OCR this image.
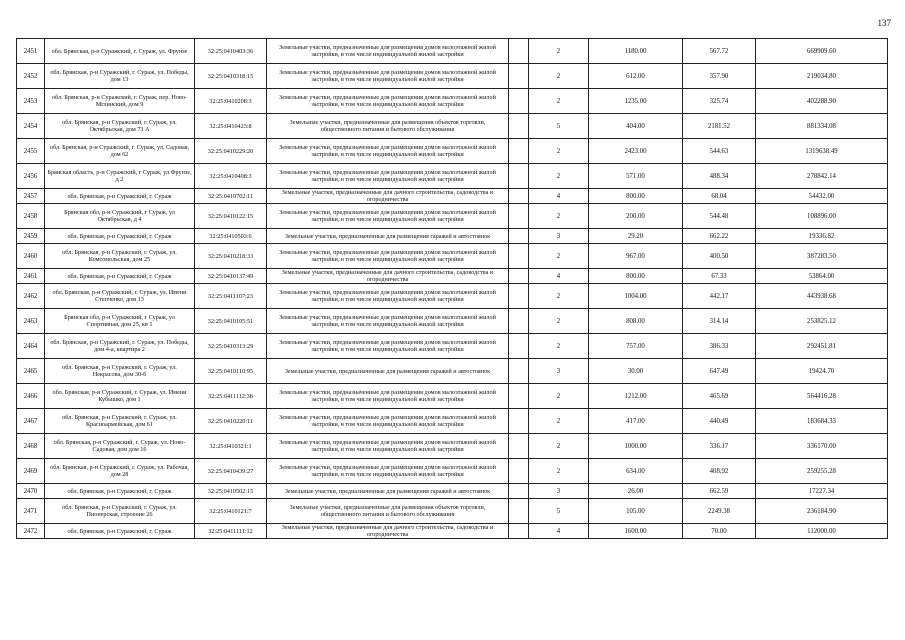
137
2451	обл. Брянская, р-н Суражский, г. Сураж, ул. Фрунзе	32:25:0410403:36	Земельные участки, предназначенные для размещения домов малоэтажной жилой застройки, в том числе индивидуальной жилой застройки		2	1180.00	567.72	669909.60
2452	обл. Брянская, р-н Суражский, г. Сураж, ул. Победы, дом 13	32:25:0410318:15	Земельные участки, предназначенные для размещения домов малоэтажной жилой застройки, в том числе индивидуальной жилой застройки		2	612.00	357.90	219034.80
2453	обл. Брянская, р-н Суражский, г. Сураж, пер. Ново-Мглинский, дом 9	32:25:0410208:3	Земельные участки, предназначенные для размещения домов малоэтажной жилой застройки, в том числе индивидуальной жилой застройки		2	1235.00	325.74	402288.90
2454	обл. Брянская, р-н Суражский, г. Сураж, ул. Октябрьская, дом 73 А	32:25:0410423:8	Земельные участки, предназначенные для размещения объектов торговли, общественного питания и бытового обслуживания		5	404.00	2181.52	881334.08
2455	обл. Брянская, р-н Суражский, г. Сураж, ул. Садовая, дом 62	32:25:0410229:20	Земельные участки, предназначенные для размещения домов малоэтажной жилой застройки, в том числе индивидуальной жилой застройки		2	2423.00	544.63	1319638.49
2456	Брянская область, р-н Суражский, г Сураж, ул Фрунзе, д 2	32:25:0410408:3	Земельные участки, предназначенные для размещения домов малоэтажной жилой застройки, в том числе индивидуальной жилой застройки		2	571.00	488.34	278842.14
2457	обл. Брянская, р-н Суражский, г. Сураж	32:25:0410702:11	Земельные участки, предназначенные для дачного строительства, садоводства и огородничества		4	800.00	68.04	54432.00
2458	Брянская обл, р-н Суражский, г Сураж, ул Октябрьская, д 4	32:25:0410122:15	Земельные участки, предназначенные для размещения домов малоэтажной жилой застройки, в том числе индивидуальной жилой застройки		2	200.00	544.48	108896.00
2459	обл. Брянская, р-н Суражский, г. Сураж	32:25:0410503:6	Земельные участки, предназначенные для размещения гаражей и автостоянок		3	29.20	662.22	19336.82
2460	обл. Брянская, р-н Суражский, г. Сураж, ул. Комсомольская, дом 25	32:25:0410218:33	Земельные участки, предназначенные для размещения домов малоэтажной жилой застройки, в том числе индивидуальной жилой застройки		2	967.00	400.50	387283.50
2461	обл. Брянская, р-н Суражский, г. Сураж	32:25:0410137:49	Земельные участки, предназначенные для дачного строительства, садоводства и огородничества		4	800.00	67.33	53864.00
2462	обл. Брянская, р-н Суражский, г. Сураж, ул. Имени Степченко, дом 13	32:25:0411107:23	Земельные участки, предназначенные для размещения домов малоэтажной жилой застройки, в том числе индивидуальной жилой застройки		2	1004.00	442.17	443938.68
2463	Брянская обл, р-н Суражский, г Сураж, ул Спортивная, дом 25, кв 1	32:25:0410105:51	Земельные участки, предназначенные для размещения домов малоэтажной жилой застройки, в том числе индивидуальной жилой застройки		2	808.00	314.14	253825.12
2464	обл. Брянская, р-н Суражский, г. Сураж, ул. Победы, дом 4-а, квартира 2	32:25:0410313:29	Земельные участки, предназначенные для размещения домов малоэтажной жилой застройки, в том числе индивидуальной жилой застройки		2	757.00	386.33	292451.81
2465	обл. Брянская, р-н Суражский, г. Сураж, ул. Некрасова, дом 30-б	32:25:0410110:95	Земельные участки, предназначенные для размещения гаражей и автостоянок		3	30.00	647.49	19424.70
2466	обл. Брянская, р-н Суражский, г. Сураж, ул. Имени Кубышко, дом 1	32:25:0411112:38	Земельные участки, предназначенные для размещения домов малоэтажной жилой застройки, в том числе индивидуальной жилой застройки		2	1212.00	465.69	564416.28
2467	обл. Брянская, р-н Суражский, г. Сураж, ул. Красноармейская, дом 61	32:25:0410220:11	Земельные участки, предназначенные для размещения домов малоэтажной жилой застройки, в том числе индивидуальной жилой застройки		2	417.00	440.49	183684.33
2468	обл. Брянская, р-н Суражский, г. Сураж, ул. Ново-Садовая, дом дом 16	32:25:0410321:1	Земельные участки, предназначенные для размещения домов малоэтажной жилой застройки, в том числе индивидуальной жилой застройки		2	1000.00	336.17	336170.00
2469	обл. Брянская, р-н Суражский, г. Сураж, ул. Рабочая, дом 28	32:25:0410439:27	Земельные участки, предназначенные для размещения домов малоэтажной жилой застройки, в том числе индивидуальной жилой застройки		2	634.00	408.92	259255.28
2470	обл. Брянская, р-н Суражский, г. Сураж	32:25:0410502:15	Земельные участки, предназначенные для размещения гаражей и автостоянок		3	26.00	662.59	17227.34
2471	обл. Брянская, р-н Суражский, г. Сураж, ул. Пионерская, строение 26	32:25:0410121:7	Земельные участки, предназначенные для размещения объектов торговли, общественного питания и бытового обслуживания		5	105.00	2249.38	236184.90
2472	обл. Брянская, р-н Суражский, г. Сураж	32:25:0411111:12	Земельные участки, предназначенные для дачного строительства, садоводства и огородничества		4	1600.00	70.00	112000.00
